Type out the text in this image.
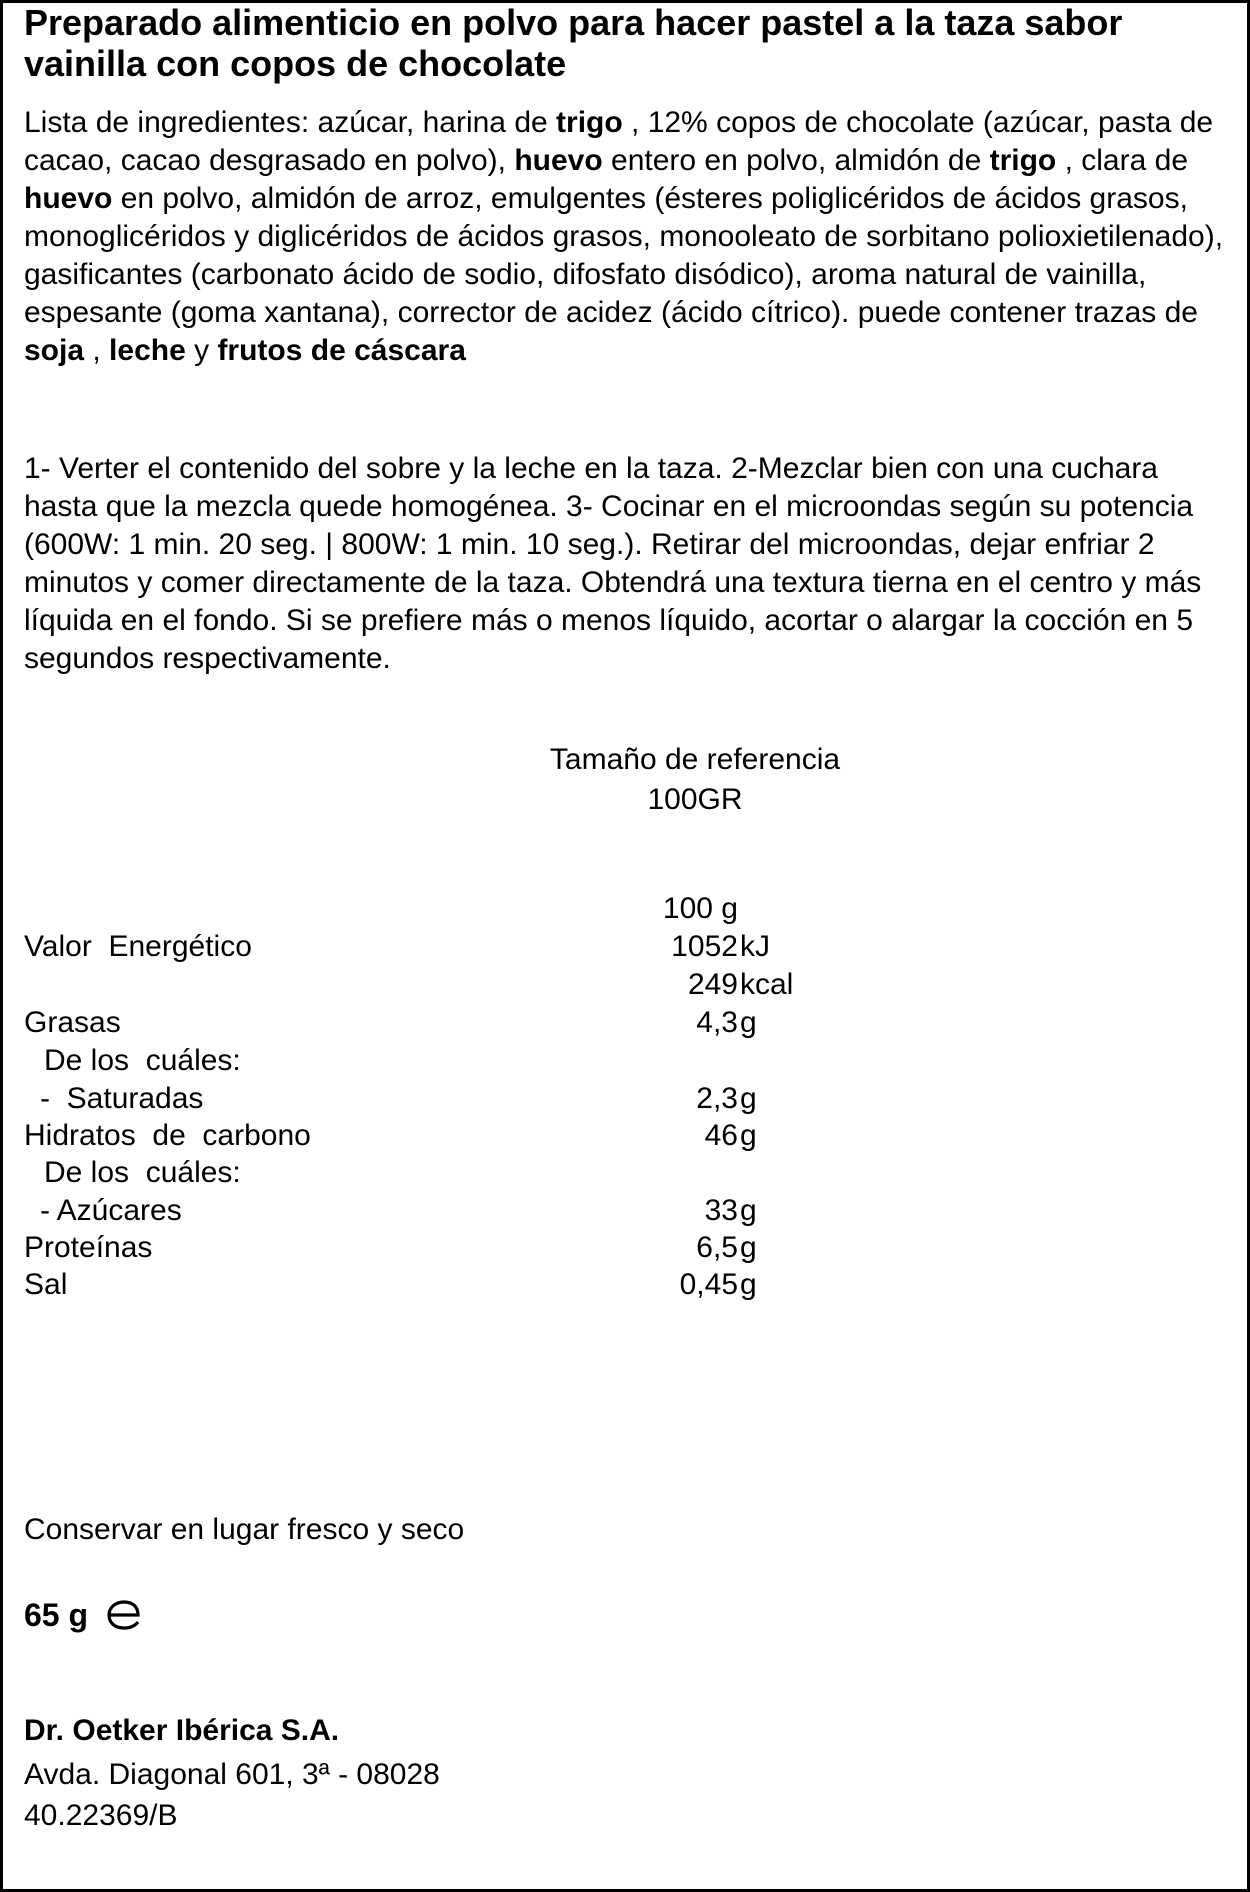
Preparado alimenticio en polvo para hacer pastel a la taza sabor vainilla con copos de chocolate

Lista de ingredientes: azúcar, harina de trigo , 12% copos de chocolate (azúcar, pasta de cacao, cacao desgrasado en polvo), huevo entero en polvo, almidón de trigo , clara de huevo en polvo, almidón de arroz, emulgentes (ésteres poliglicéridos de ácidos grasos, monoglicéridos y diglicéridos de ácidos grasos, monooleato de sorbitano polioxietilenado), gasificantes (carbonato ácido de sodio, difosfato disódico), aroma natural de vainilla, espesante (goma xantana), corrector de acidez (ácido cítrico). puede contener trazas de soja , leche y frutos de cáscara

1- Verter el contenido del sobre y la leche en la taza. 2-Mezclar bien con una cuchara hasta que la mezcla quede homogénea. 3- Cocinar en el microondas según su potencia (600W: 1 min. 20 seg. | 800W: 1 min. 10 seg.). Retirar del microondas, dejar enfriar 2 minutos y comer directamente de la taza. Obtendrá una textura tierna en el centro y más líquida en el fondo. Si se prefiere más o menos líquido, acortar o alargar la cocción en 5 segundos respectivamente.

Tamaño de referencia
100GR
100 g
Valor  Energético	1052 kJ
249 kcal
Grasas	4,3 g
De los  cuáles:
-  Saturadas	2,3 g
Hidratos  de  carbono	46 g
De los  cuáles:
- Azúcares	33 g
Proteínas	6,5 g
Sal	0,45 g
Conservar en lugar fresco y seco
65 g
Dr. Oetker Ibérica S.A.
Avda. Diagonal 601, 3ª - 08028
40.22369/B
